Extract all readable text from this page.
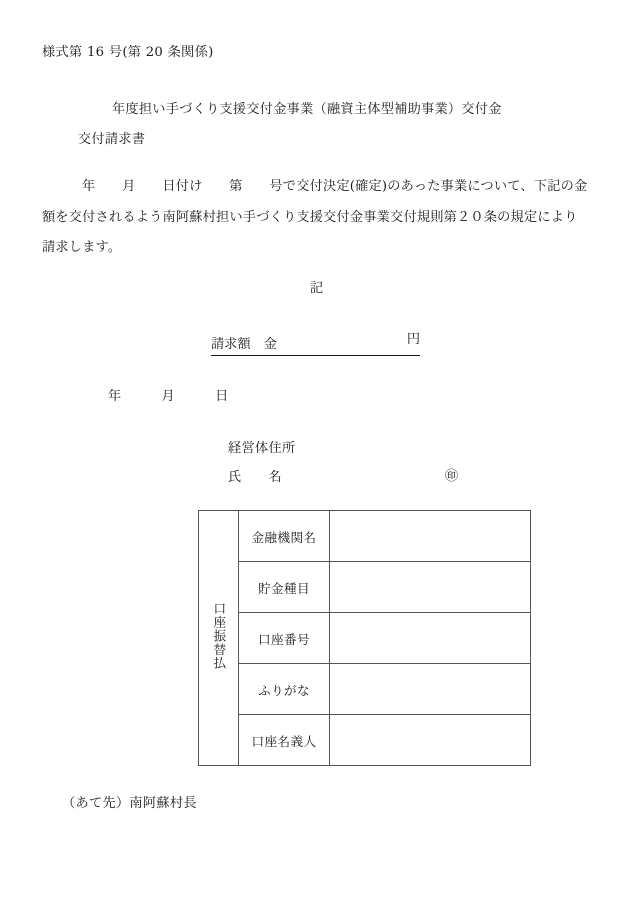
様式第 16 号(第 20 条関係)
年度担い手づくり支援交付金事業（融資主体型補助事業）交付金
交付請求書
年　　月　　日付け　　第　　号で交付決定(確定)のあった事業について、下記の金
額を交付されるよう南阿蘇村担い手づくり支援交付金事業交付規則第２０条の規定により
請求します。
記
請求額　金	円
年　　　月　　　日
経営体住所
氏　　名	㊞
口座振替払	金融機関名	
	貯金種目	
	口座番号	
	ふりがな	
	口座名義人	
（あて先）南阿蘇村長
